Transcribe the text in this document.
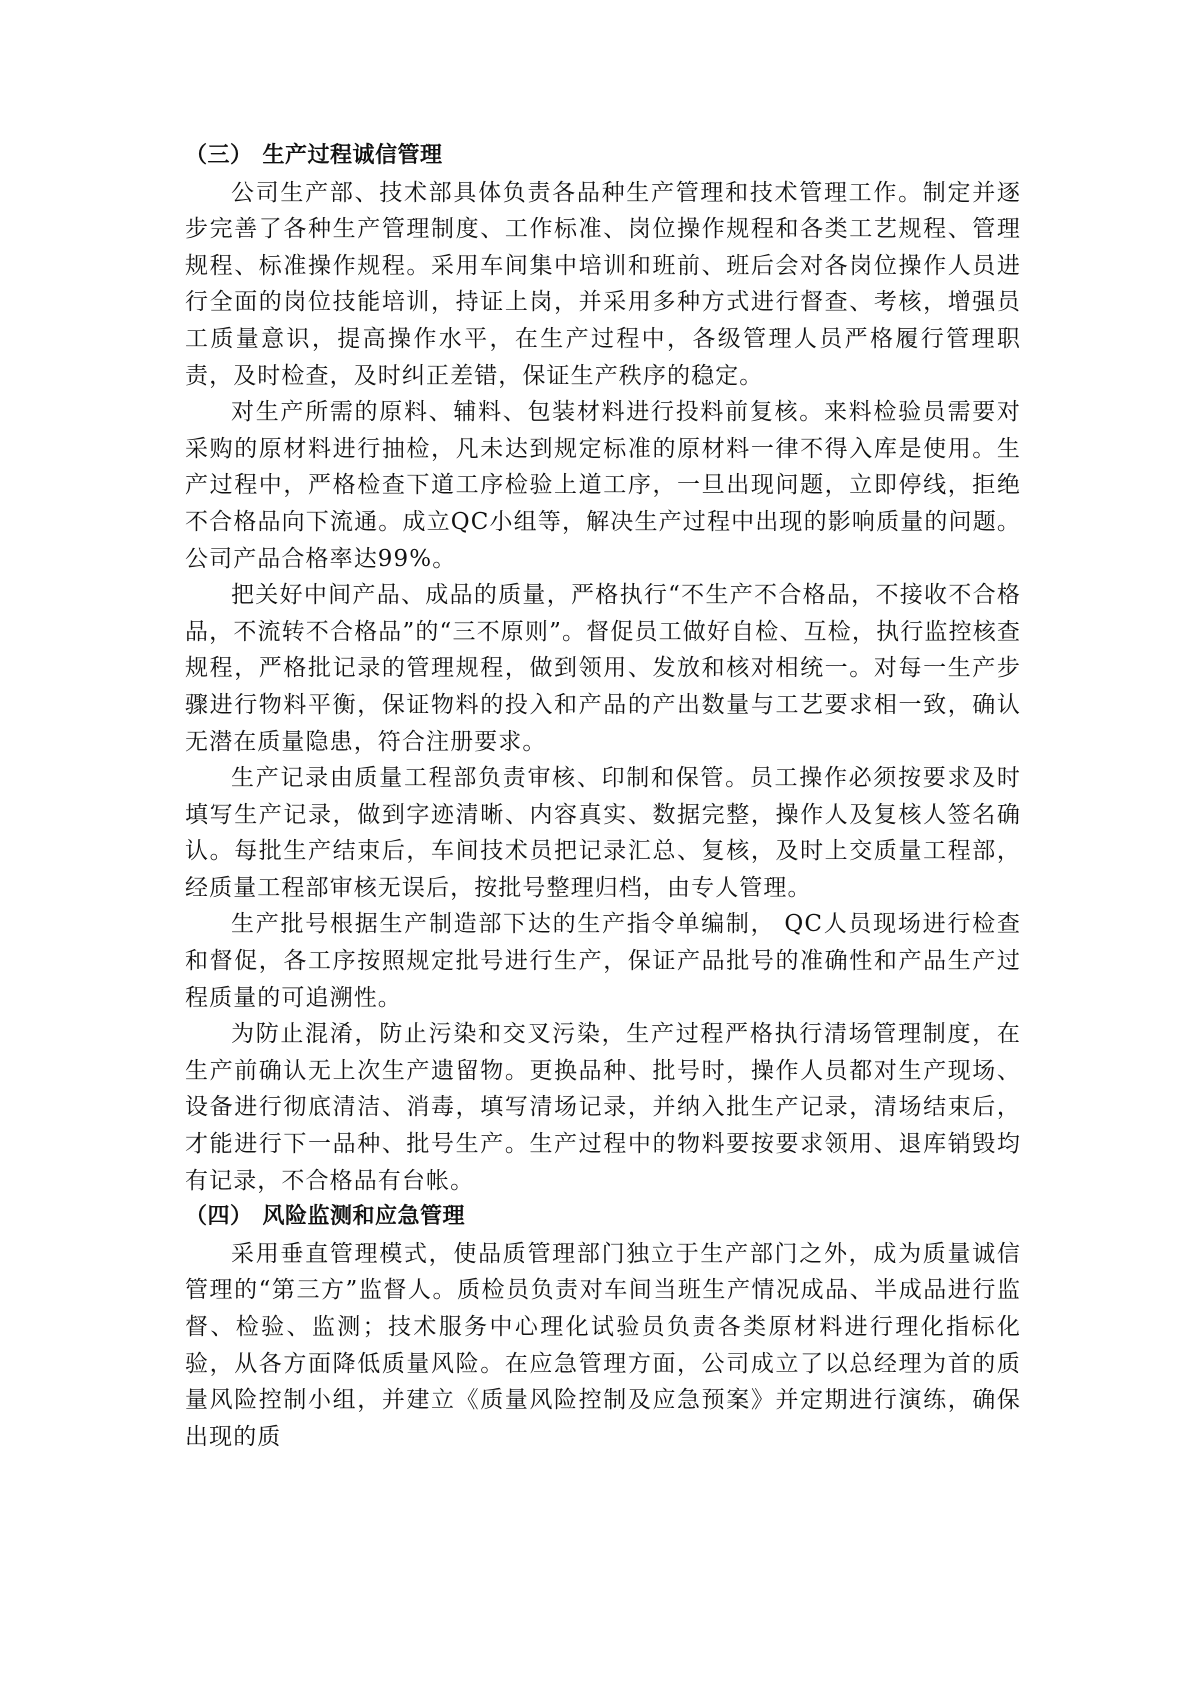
（三） 生产过程诚信管理

公司生产部、技术部具体负责各品种生产管理和技术管理工作。制定并逐步完善了各种生产管理制度、工作标准、岗位操作规程和各类工艺规程、管理规程、标准操作规程。采用车间集中培训和班前、班后会对各岗位操作人员进行全面的岗位技能培训，持证上岗，并采用多种方式进行督查、考核，增强员工质量意识，提高操作水平，在生产过程中，各级管理人员严格履行管理职责，及时检查，及时纠正差错，保证生产秩序的稳定。

对生产所需的原料、辅料、包装材料进行投料前复核。来料检验员需要对采购的原材料进行抽检，凡未达到规定标准的原材料一律不得入库是使用。生产过程中，严格检查下道工序检验上道工序，一旦出现问题，立即停线，拒绝不合格品向下流通。成立QC小组等，解决生产过程中出现的影响质量的问题。公司产品合格率达99%。

把关好中间产品、成品的质量，严格执行“不生产不合格品，不接收不合格品，不流转不合格品”的“三不原则”。督促员工做好自检、互检，执行监控核查规程，严格批记录的管理规程，做到领用、发放和核对相统一。对每一生产步骤进行物料平衡，保证物料的投入和产品的产出数量与工艺要求相一致，确认无潜在质量隐患，符合注册要求。

生产记录由质量工程部负责审核、印制和保管。员工操作必须按要求及时填写生产记录，做到字迹清晰、内容真实、数据完整，操作人及复核人签名确认。每批生产结束后，车间技术员把记录汇总、复核，及时上交质量工程部，经质量工程部审核无误后，按批号整理归档，由专人管理。

生产批号根据生产制造部下达的生产指令单编制， QC人员现场进行检查和督促，各工序按照规定批号进行生产，保证产品批号的准确性和产品生产过程质量的可追溯性。

为防止混淆，防止污染和交叉污染，生产过程严格执行清场管理制度，在生产前确认无上次生产遗留物。更换品种、批号时，操作人员都对生产现场、设备进行彻底清洁、消毒，填写清场记录，并纳入批生产记录，清场结束后，才能进行下一品种、批号生产。生产过程中的物料要按要求领用、退库销毁均有记录，不合格品有台帐。

（四） 风险监测和应急管理

采用垂直管理模式，使品质管理部门独立于生产部门之外，成为质量诚信管理的“第三方”监督人。质检员负责对车间当班生产情况成品、半成品进行监督、检验、监测；技术服务中心理化试验员负责各类原材料进行理化指标化验，从各方面降低质量风险。在应急管理方面，公司成立了以总经理为首的质量风险控制小组，并建立《质量风险控制及应急预案》并定期进行演练，确保出现的质
